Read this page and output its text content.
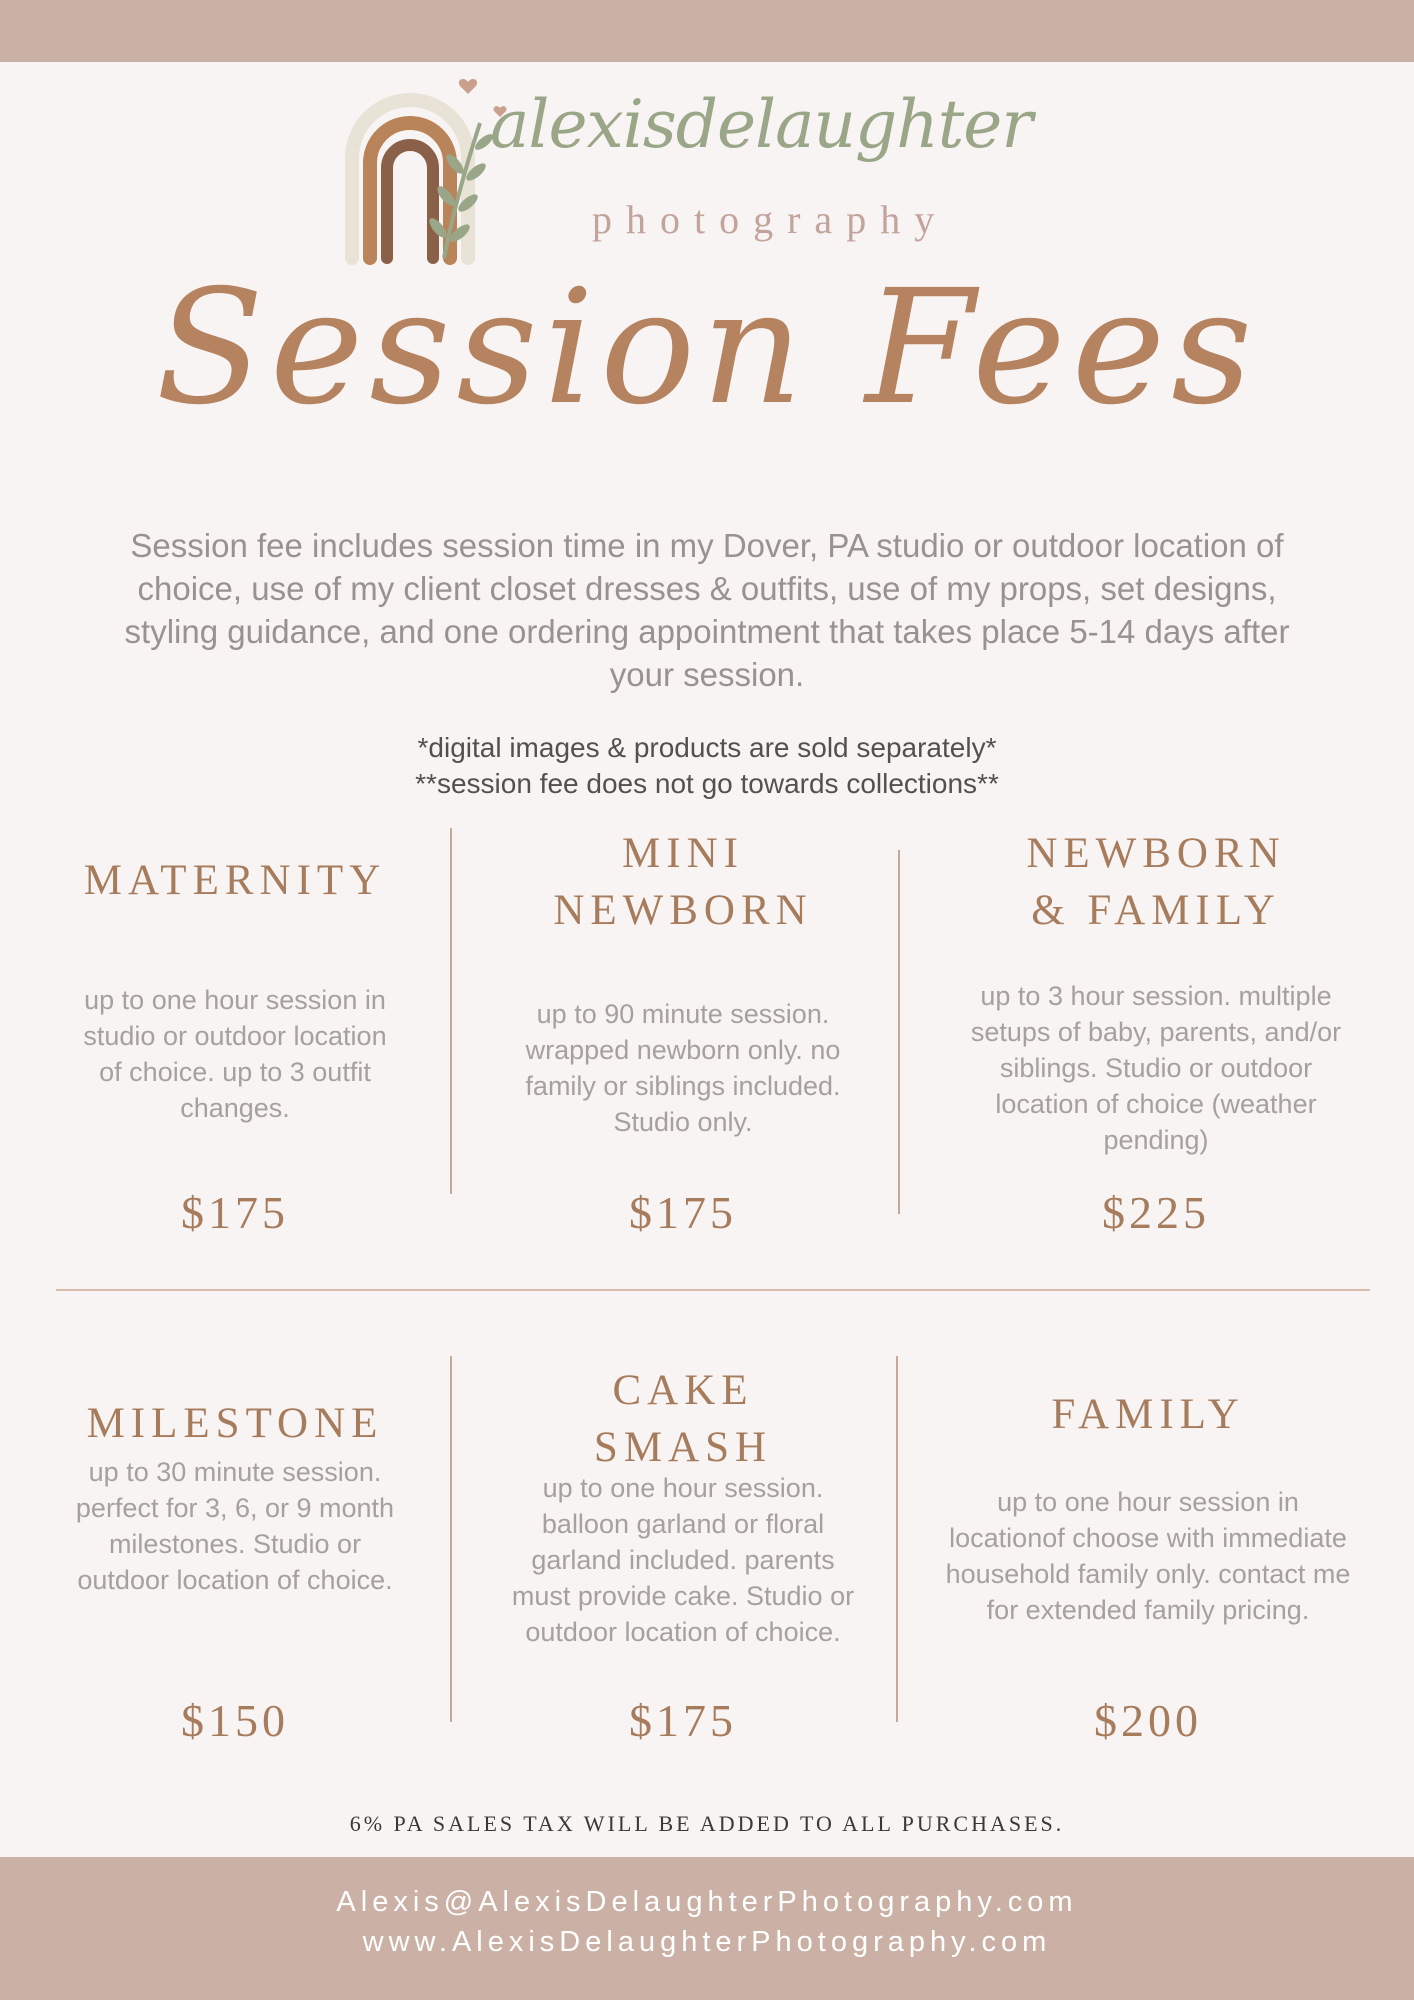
alexisdelaughter
photography
Session Fees
Session fee includes session time in my Dover, PA studio or outdoor location of choice, use of my client closet dresses & outfits, use of my props, set designs, styling guidance, and one ordering appointment that takes place 5-14 days after your session.
*digital images & products are sold separately*
**session fee does not go towards collections**
MATERNITY
up to one hour session in studio or outdoor location of choice. up to 3 outfit changes.
$175
MINI
NEWBORN
up to 90 minute session. wrapped newborn only. no family or siblings included. Studio only.
$175
NEWBORN
& FAMILY
up to 3 hour session. multiple setups of baby, parents, and/or siblings. Studio or outdoor location of choice (weather pending)
$225
MILESTONE
up to 30 minute session. perfect for 3, 6, or 9 month milestones. Studio or outdoor location of choice.
$150
CAKE
SMASH
up to one hour session. balloon garland or floral garland included. parents must provide cake. Studio or outdoor location of choice.
$175
FAMILY
up to one hour session in locationof choose with immediate household family only. contact me for extended family pricing.
$200
6% PA SALES TAX WILL BE ADDED TO ALL PURCHASES.
Alexis@AlexisDelaughterPhotography.com
www.AlexisDelaughterPhotography.com
